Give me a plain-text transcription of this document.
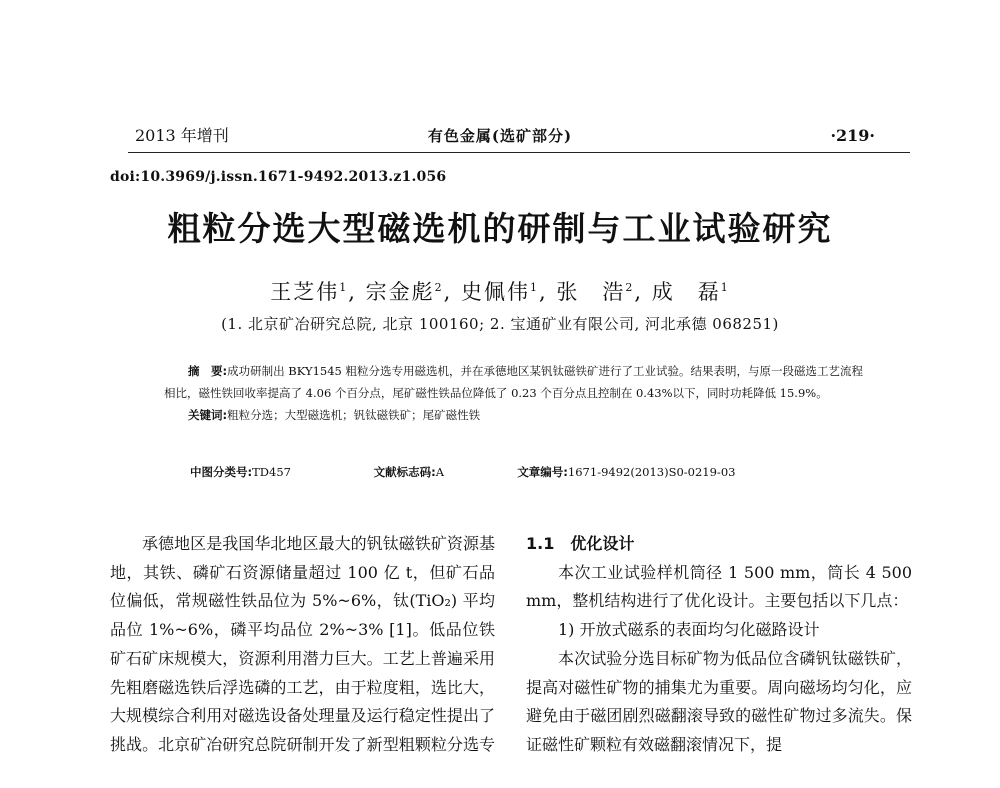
2013 年增刊	有色金属(选矿部分)	·219·
doi:10.3969/j.issn.1671-9492.2013.z1.056
粗粒分选大型磁选机的研制与工业试验研究
王芝伟$^1$, 宗金彪$^2$, 史佩伟$^1$, 张　浩$^2$, 成　磊$^1$
(1. 北京矿冶研究总院, 北京 100160; 2. 宝通矿业有限公司, 河北承德 068251)
摘　要:成功研制出 BKY1545 粗粒分选专用磁选机，并在承德地区某钒钛磁铁矿进行了工业试验。结果表明，与原一段磁选工艺流程相比，磁性铁回收率提高了 4.06 个百分点，尾矿磁性铁品位降低了 0.23 个百分点且控制在 0.43%以下，同时功耗降低 15.9%。
关键词:粗粒分选；大型磁选机；钒钛磁铁矿；尾矿磁性铁
中图分类号:TD457	文献标志码:A	文章编号:1671-9492(2013)S0-0219-03

承德地区是我国华北地区最大的钒钛磁铁矿资源基地，其铁、磷矿石资源储量超过 100 亿 t，但矿石品位偏低，常规磁性铁品位为 5%~6%，钛(TiO₂) 平均品位 1%~6%，磷平均品位 2%~3% [1]。低品位铁矿石矿床规模大，资源利用潜力巨大。工艺上普遍采用先粗磨磁选铁后浮选磷的工艺，由于粒度粗，选比大，大规模综合利用对磁选设备处理量及运行稳定性提出了挑战。北京矿冶研究总院研制开发了新型粗颗粒分选专

1.1　优化设计

本次工业试验样机筒径 1 500 mm，筒长 4 500 mm，整机结构进行了优化设计。主要包括以下几点：

1) 开放式磁系的表面均匀化磁路设计

本次试验分选目标矿物为低品位含磷钒钛磁铁矿，提高对磁性矿物的捕集尤为重要。周向磁场均匀化，应避免由于磁团剧烈磁翻滚导致的磁性矿物过多流失。保证磁性矿颗粒有效磁翻滚情况下，提
